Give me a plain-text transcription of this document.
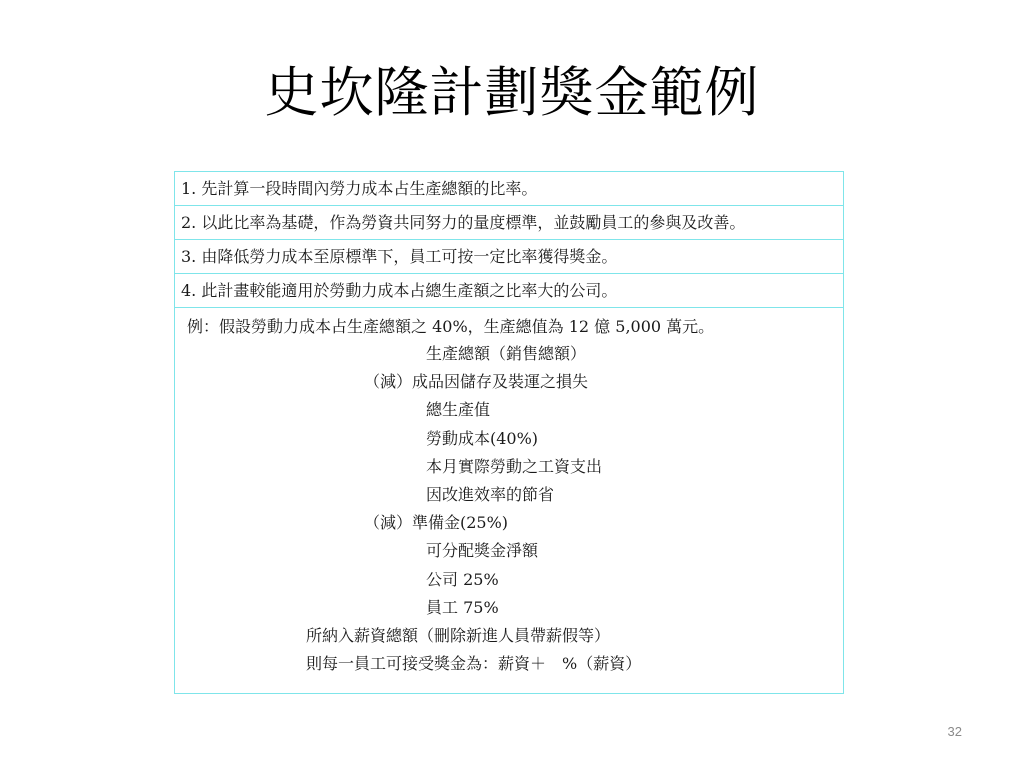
史坎隆計劃獎金範例
1. 先計算一段時間內勞力成本占生產總額的比率。

2. 以此比率為基礎，作為勞資共同努力的量度標準，並鼓勵員工的參與及改善。

3. 由降低勞力成本至原標準下，員工可按一定比率獲得獎金。

4. 此計畫較能適用於勞動力成本占總生產額之比率大的公司。

例：假設勞動力成本占生產總額之 40%，生產總值為 12 億 5,000 萬元。
生產總額（銷售總額）
（減）成品因儲存及裝運之損失
總生產值
勞動成本(40%)
本月實際勞動之工資支出
因改進效率的節省
（減）準備金(25%)
可分配獎金淨額
公司 25%
員工 75%
所納入薪資總額（刪除新進人員帶薪假等）
則每一員工可接受獎金為：薪資＋　%（薪資）
32
